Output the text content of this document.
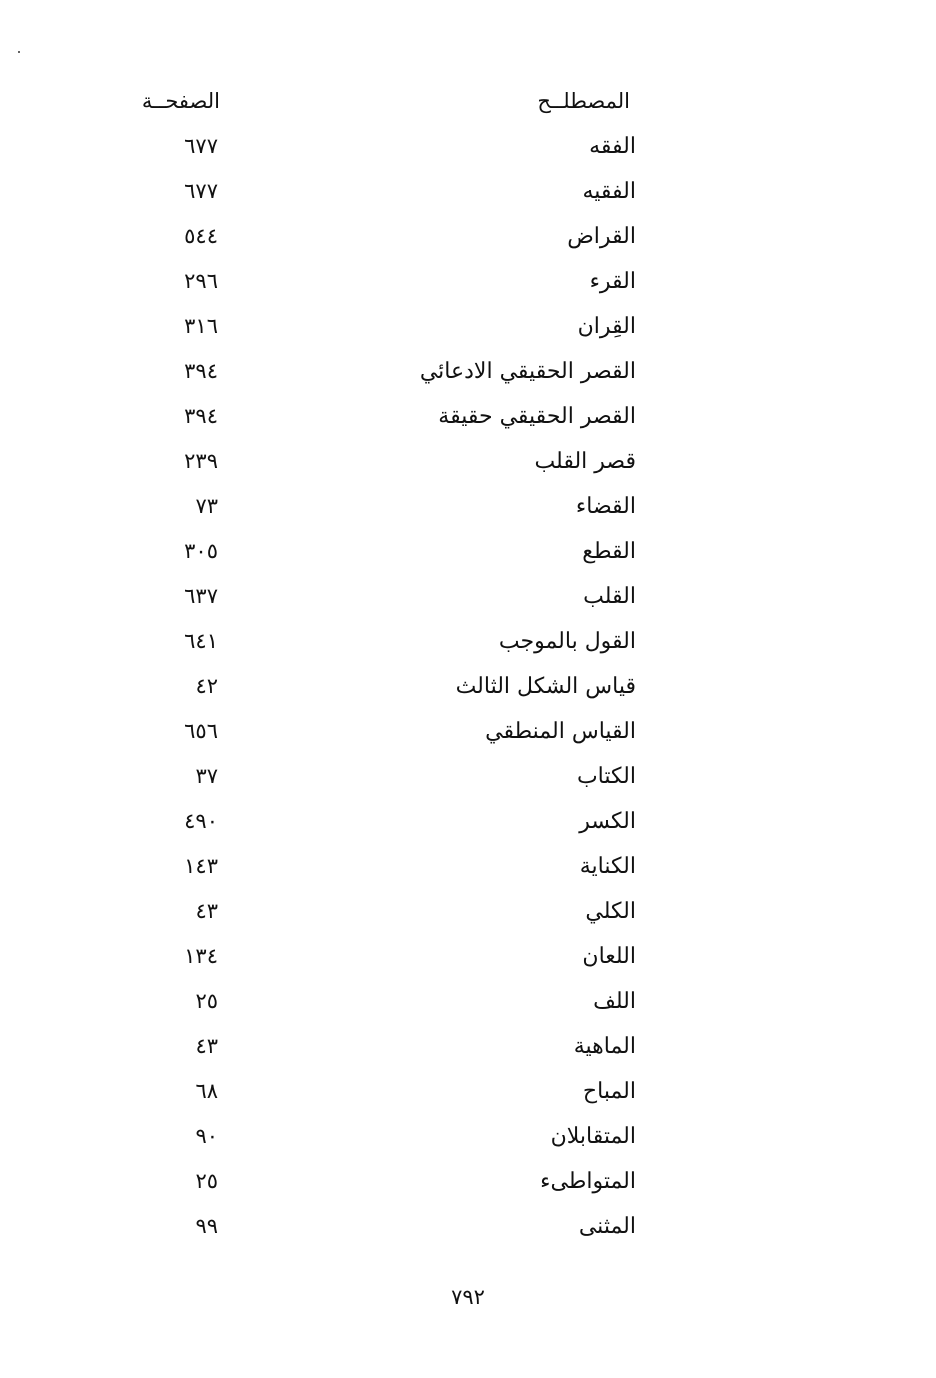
المصطلــح
الصفحــة
الفقه
٦٧٧
الفقيه
٦٧٧
القراض
٥٤٤
القرء
٢٩٦
القِران
٣١٦
القصر الحقيقي الادعائي
٣٩٤
القصر الحقيقي حقيقة
٣٩٤
قصر القلب
٢٣٩
القضاء
٧٣
القطع
٣٠٥
القلب
٦٣٧
القول بالموجب
٦٤١
قياس الشكل الثالث
٤٢
القياس المنطقي
٦٥٦
الكتاب
٣٧
الكسر
٤٩٠
الكناية
١٤٣
الكلي
٤٣
اللعان
١٣٤
اللف
٢٥
الماهية
٤٣
المباح
٦٨
المتقابلان
٩٠
المتواطىء
٢٥
المثنى
٩٩
٧٩٢
